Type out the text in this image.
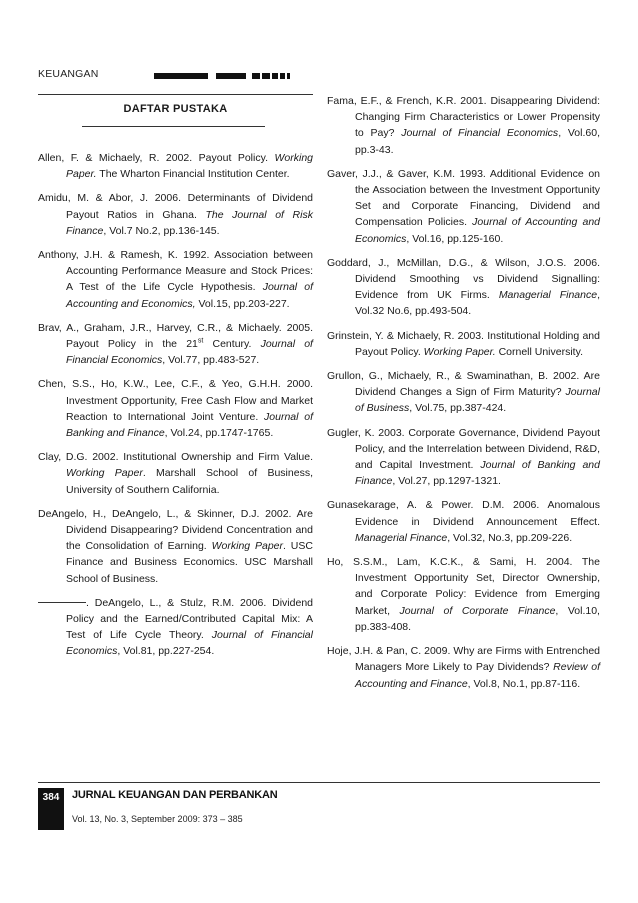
KEUANGAN
DAFTAR PUSTAKA

Allen, F. & Michaely, R. 2002. Payout Policy. Working Paper. The Wharton Financial Institution Center.

Amidu, M. & Abor, J. 2006. Determinants of Dividend Payout Ratios in Ghana. The Journal of Risk Finance, Vol.7 No.2, pp.136-145.

Anthony, J.H. & Ramesh, K. 1992. Association between Accounting Performance Measure and Stock Prices: A Test of the Life Cycle Hypothesis. Journal of Accounting and Economics, Vol.15, pp.203-227.

Brav, A., Graham, J.R., Harvey, C.R., & Michaely. 2005. Payout Policy in the 21st Century. Journal of Financial Economics, Vol.77, pp.483-527.

Chen, S.S., Ho, K.W., Lee, C.F., & Yeo, G.H.H. 2000. Investment Opportunity, Free Cash Flow and Market Reaction to International Joint Venture. Journal of Banking and Finance, Vol.24, pp.1747-1765.

Clay, D.G. 2002. Institutional Ownership and Firm Value. Working Paper. Marshall School of Business, University of Southern California.

DeAngelo, H., DeAngelo, L., & Skinner, D.J. 2002. Are Dividend Disappearing? Dividend Concentration and the Consolidation of Earning. Working Paper. USC Finance and Business Economics. USC Marshall School of Business.

. DeAngelo, L., & Stulz, R.M. 2006. Dividend Policy and the Earned/Contributed Capital Mix: A Test of Life Cycle Theory. Journal of Financial Economics, Vol.81, pp.227-254.

Fama, E.F., & French, K.R. 2001. Disappearing Dividend: Changing Firm Characteristics or Lower Propensity to Pay? Journal of Financial Economics, Vol.60, pp.3-43.

Gaver, J.J., & Gaver, K.M. 1993. Additional Evidence on the Association between the Investment Opportunity Set and Corporate Financing, Dividend and Compensation Policies. Journal of Accounting and Economics, Vol.16, pp.125-160.

Goddard, J., McMillan, D.G., & Wilson, J.O.S. 2006. Dividend Smoothing vs Dividend Signalling: Evidence from UK Firms. Managerial Finance, Vol.32 No.6, pp.493-504.

Grinstein, Y. & Michaely, R. 2003. Institutional Holding and Payout Policy. Working Paper. Cornell University.

Grullon, G., Michaely, R., & Swaminathan, B. 2002. Are Dividend Changes a Sign of Firm Maturity? Journal of Business, Vol.75, pp.387-424.

Gugler, K. 2003. Corporate Governance, Dividend Payout Policy, and the Interrelation between Dividend, R&D, and Capital Investment. Journal of Banking and Finance, Vol.27, pp.1297-1321.

Gunasekarage, A. & Power. D.M. 2006. Anomalous Evidence in Dividend Announcement Effect. Managerial Finance, Vol.32, No.3, pp.209-226.

Ho, S.S.M., Lam, K.C.K., & Sami, H. 2004. The Investment Opportunity Set, Director Ownership, and Corporate Policy: Evidence from Emerging Market, Journal of Corporate Finance, Vol.10, pp.383-408.

Hoje, J.H. & Pan, C. 2009. Why are Firms with Entrenched Managers More Likely to Pay Dividends? Review of Accounting and Finance, Vol.8, No.1, pp.87-116.

384	JURNAL KEUANGAN DAN PERBANKAN
Vol. 13, No. 3, September 2009: 373 – 385
